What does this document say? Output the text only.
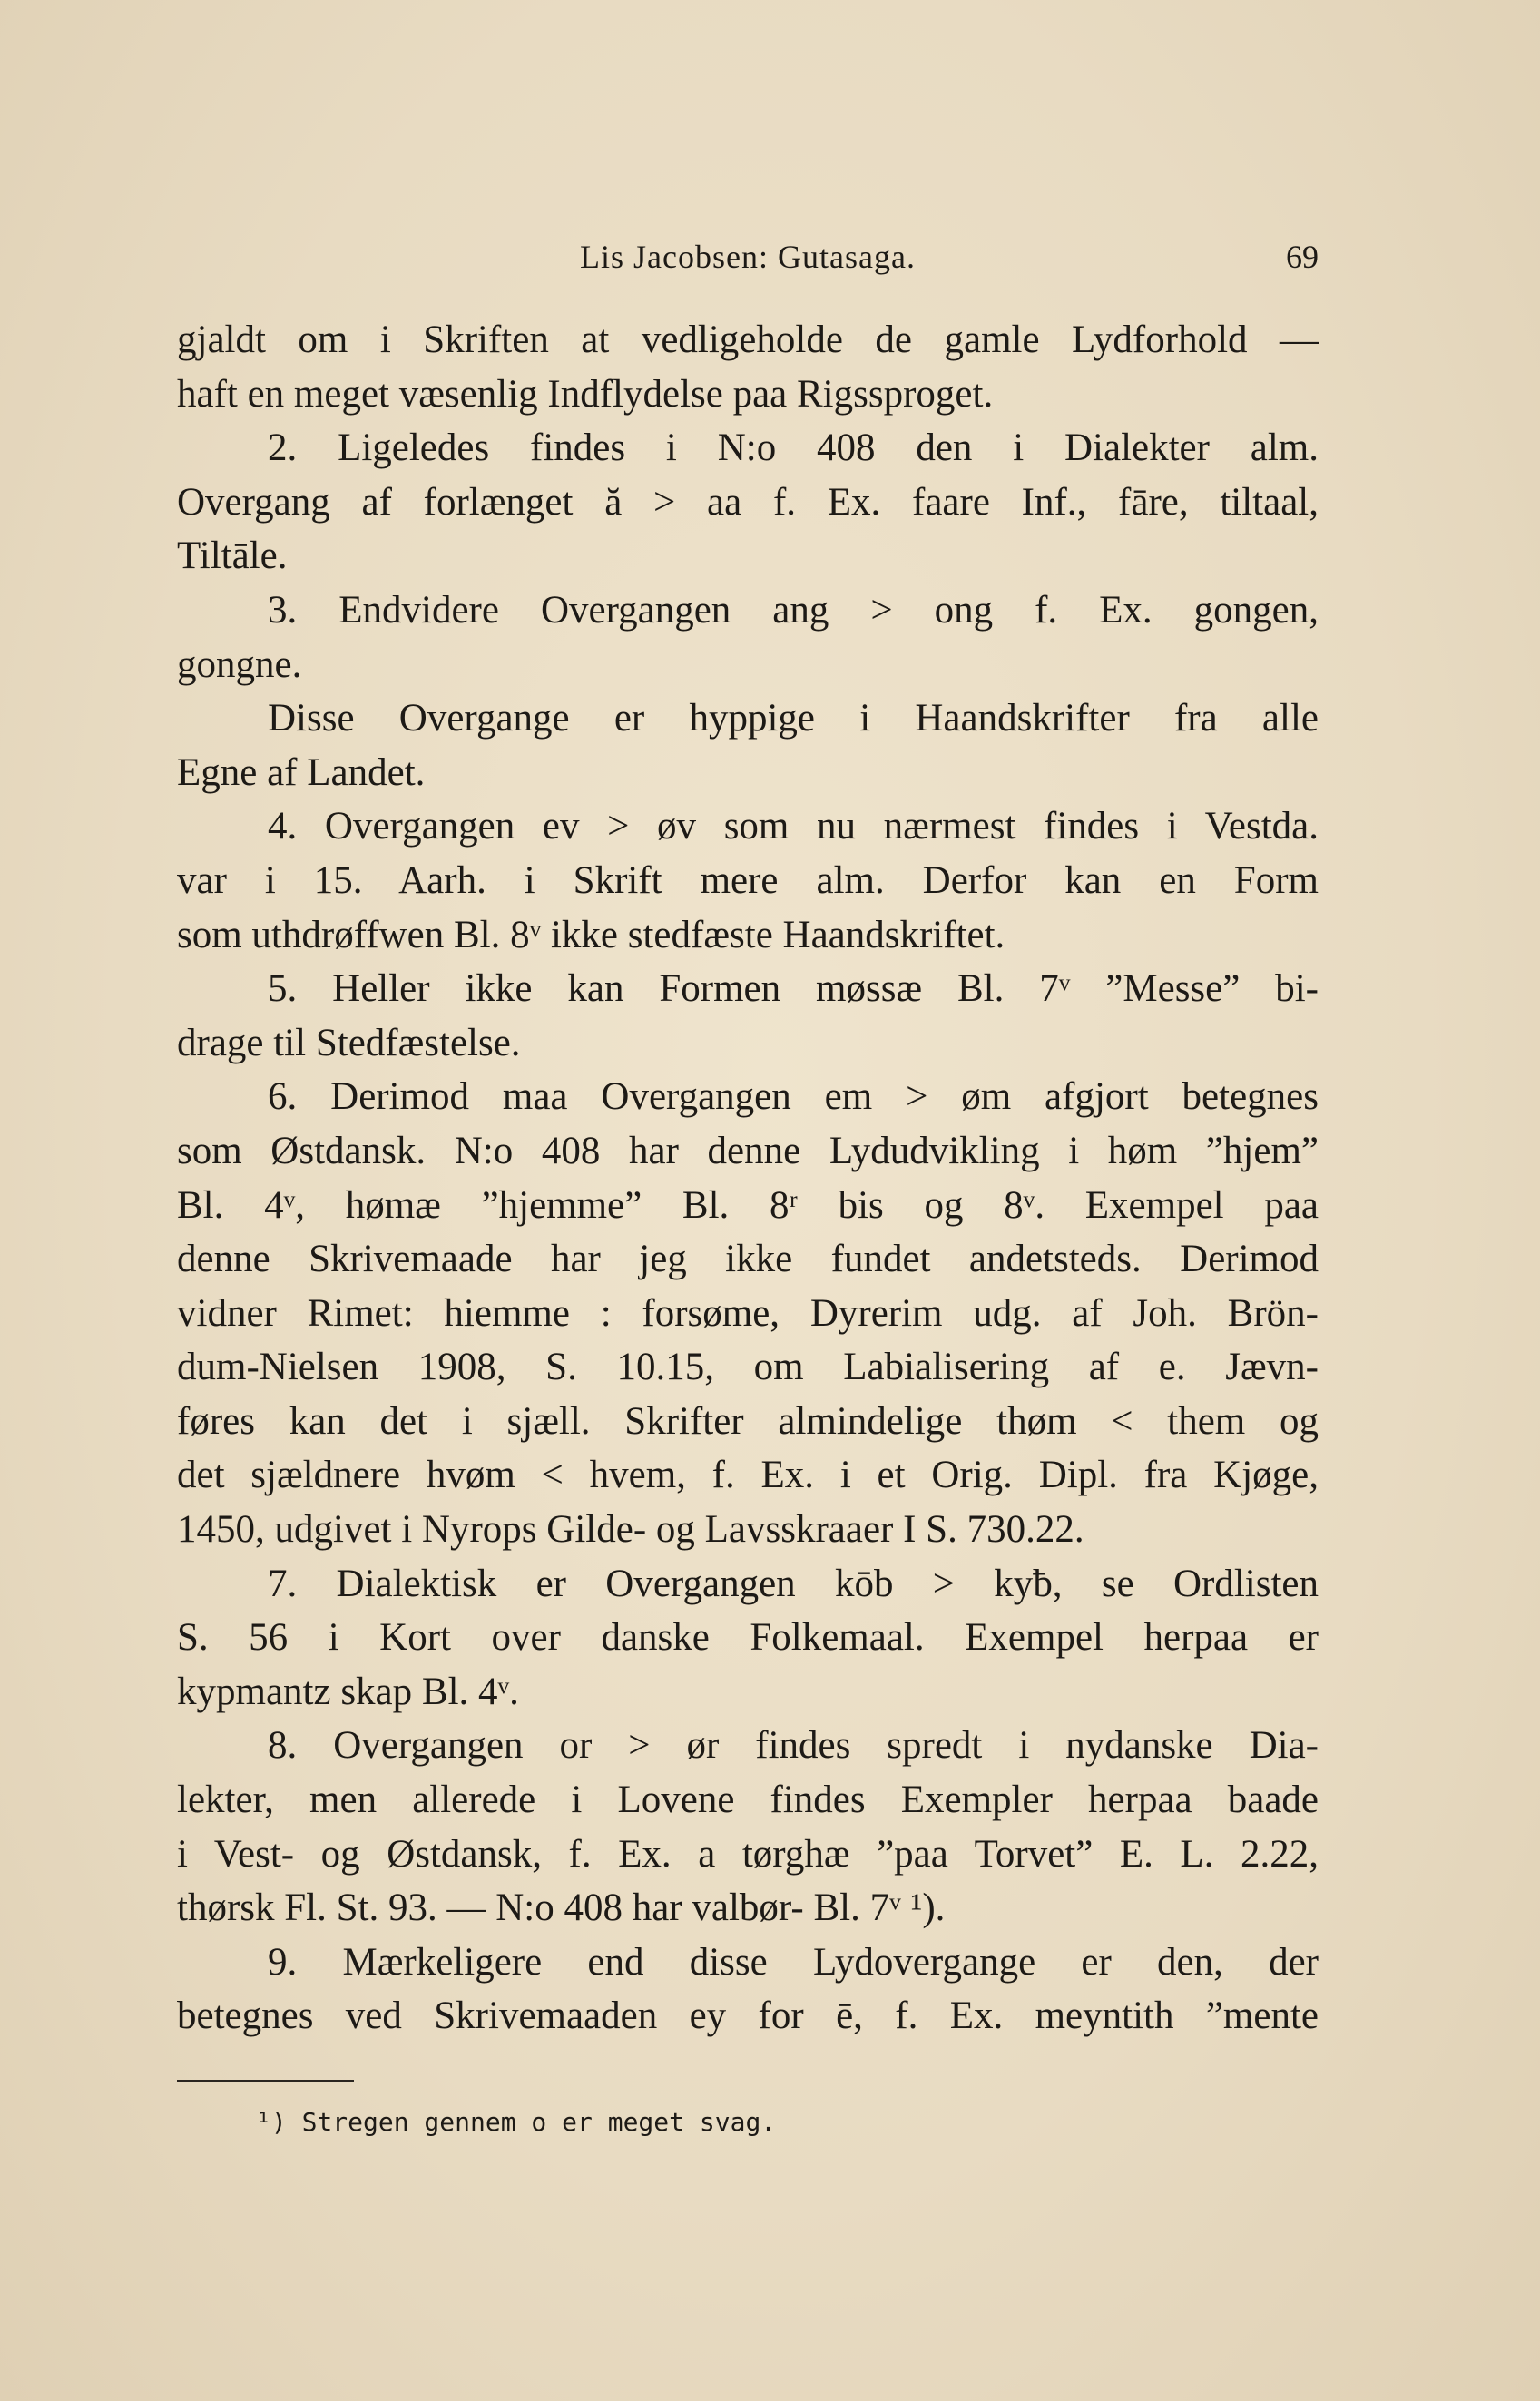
Lis Jacobsen: Gutasaga.	69
gjaldt om i Skriften at vedligeholde de gamle Lydforhold —
haft en meget væsenlig Indflydelse paa Rigssproget.
2. Ligeledes findes i N:o 408 den i Dialekter alm.
Overgang af forlænget ă > aa f. Ex. faare Inf., fāre, tiltaal,
Tiltāle.
3. Endvidere Overgangen ang > ong f. Ex. gongen,
gongne.
Disse Overgange er hyppige i Haandskrifter fra alle
Egne af Landet.
4. Overgangen ev > øv som nu nærmest findes i Vestda.
var i 15. Aarh. i Skrift mere alm. Derfor kan en Form
som uthdrøffwen Bl. 8ᵛ ikke stedfæste Haandskriftet.
5. Heller ikke kan Formen møssæ Bl. 7ᵛ ”Messe” bi-
drage til Stedfæstelse.
6. Derimod maa Overgangen em > øm afgjort betegnes
som Østdansk. N:o 408 har denne Lydudvikling i høm ”hjem”
Bl. 4ᵛ, hømæ ”hjemme” Bl. 8ʳ bis og 8ᵛ. Exempel paa
denne Skrivemaade har jeg ikke fundet andetsteds. Derimod
vidner Rimet: hiemme : forsøme, Dyrerim udg. af Joh. Brön-
dum-Nielsen 1908, S. 10.15, om Labialisering af e. Jævn-
føres kan det i sjæll. Skrifter almindelige thøm < them og
det sjældnere hvøm < hvem, f. Ex. i et Orig. Dipl. fra Kjøge,
1450, udgivet i Nyrops Gilde- og Lavsskraaer I S. 730.22.
7. Dialektisk er Overgangen kōb > kyƀ, se Ordlisten
S. 56 i Kort over danske Folkemaal. Exempel herpaa er
kypmantz skap Bl. 4ᵛ.
8. Overgangen or > ør findes spredt i nydanske Dia-
lekter, men allerede i Lovene findes Exempler herpaa baade
i Vest- og Østdansk, f. Ex. a tørghæ ”paa Torvet” E. L. 2.22,
thørsk Fl. St. 93. — N:o 408 har valbør- Bl. 7ᵛ ¹).
9. Mærkeligere end disse Lydovergange er den, der
betegnes ved Skrivemaaden ey for ē, f. Ex. meyntith ”mente
¹) Stregen gennem o er meget svag.
